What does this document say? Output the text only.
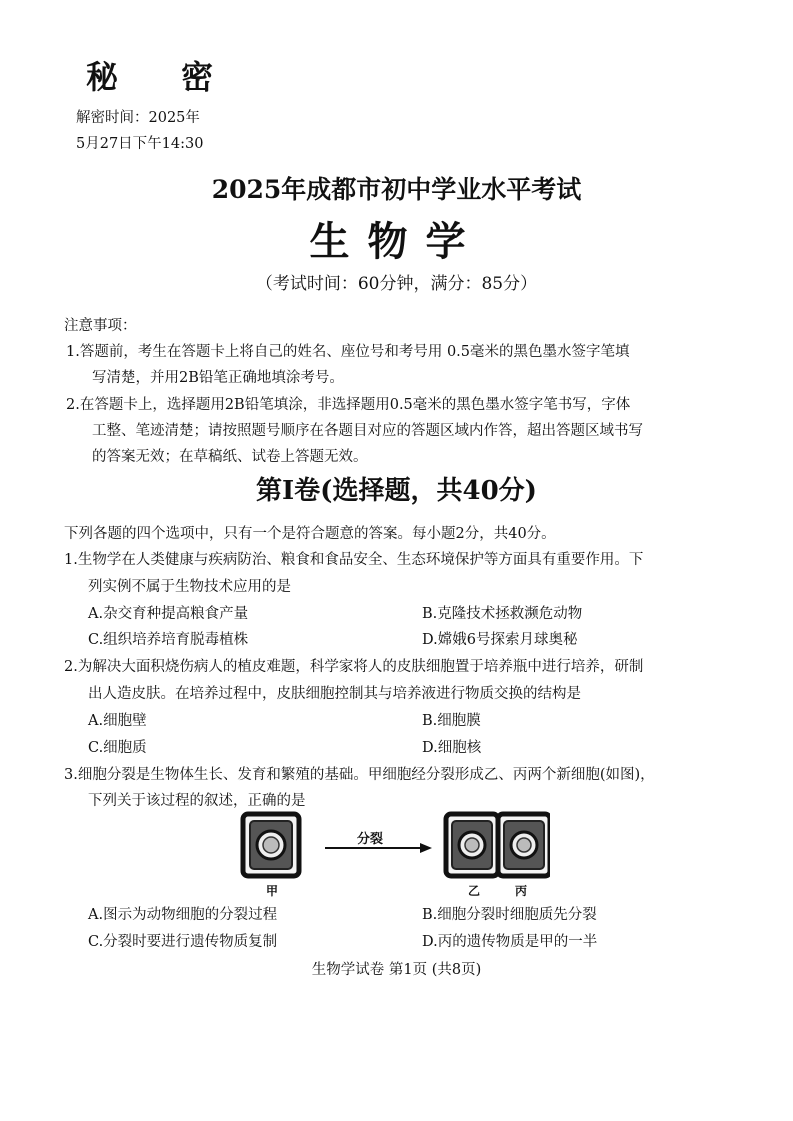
秘 密
解密时间：2025年
5月27日下午14:30
2025年成都市初中学业水平考试
生物学
（考试时间：60分钟，满分：85分）
注意事项：
1.答题前，考生在答题卡上将自己的姓名、座位号和考号用 0.5毫米的黑色墨水签字笔填
写清楚，并用2B铅笔正确地填涂考号。
2.在答题卡上，选择题用2B铅笔填涂，非选择题用0.5毫米的黑色墨水签字笔书写，字体
工整、笔迹清楚；请按照题号顺序在各题目对应的答题区域内作答，超出答题区域书写
的答案无效；在草稿纸、试卷上答题无效。
第Ⅰ卷(选择题，共40分)
下列各题的四个选项中，只有一个是符合题意的答案。每小题2分，共40分。
1.生物学在人类健康与疾病防治、粮食和食品安全、生态环境保护等方面具有重要作用。下
列实例不属于生物技术应用的是
A.杂交育种提高粮食产量	B.克隆技术拯救濒危动物
C.组织培养培育脱毒植株	D.嫦娥6号探索月球奥秘
2.为解决大面积烧伤病人的植皮难题，科学家将人的皮肤细胞置于培养瓶中进行培养，研制
出人造皮肤。在培养过程中，皮肤细胞控制其与培养液进行物质交换的结构是
A.细胞壁	B.细胞膜
C.细胞质	D.细胞核
3.细胞分裂是生物体生长、发育和繁殖的基础。甲细胞经分裂形成乙、丙两个新细胞(如图)，
下列关于该过程的叙述，正确的是
分裂
甲	乙	丙
A.图示为动物细胞的分裂过程	B.细胞分裂时细胞质先分裂
C.分裂时要进行遗传物质复制	D.丙的遗传物质是甲的一半
生物学试卷 第1页 (共8页)
